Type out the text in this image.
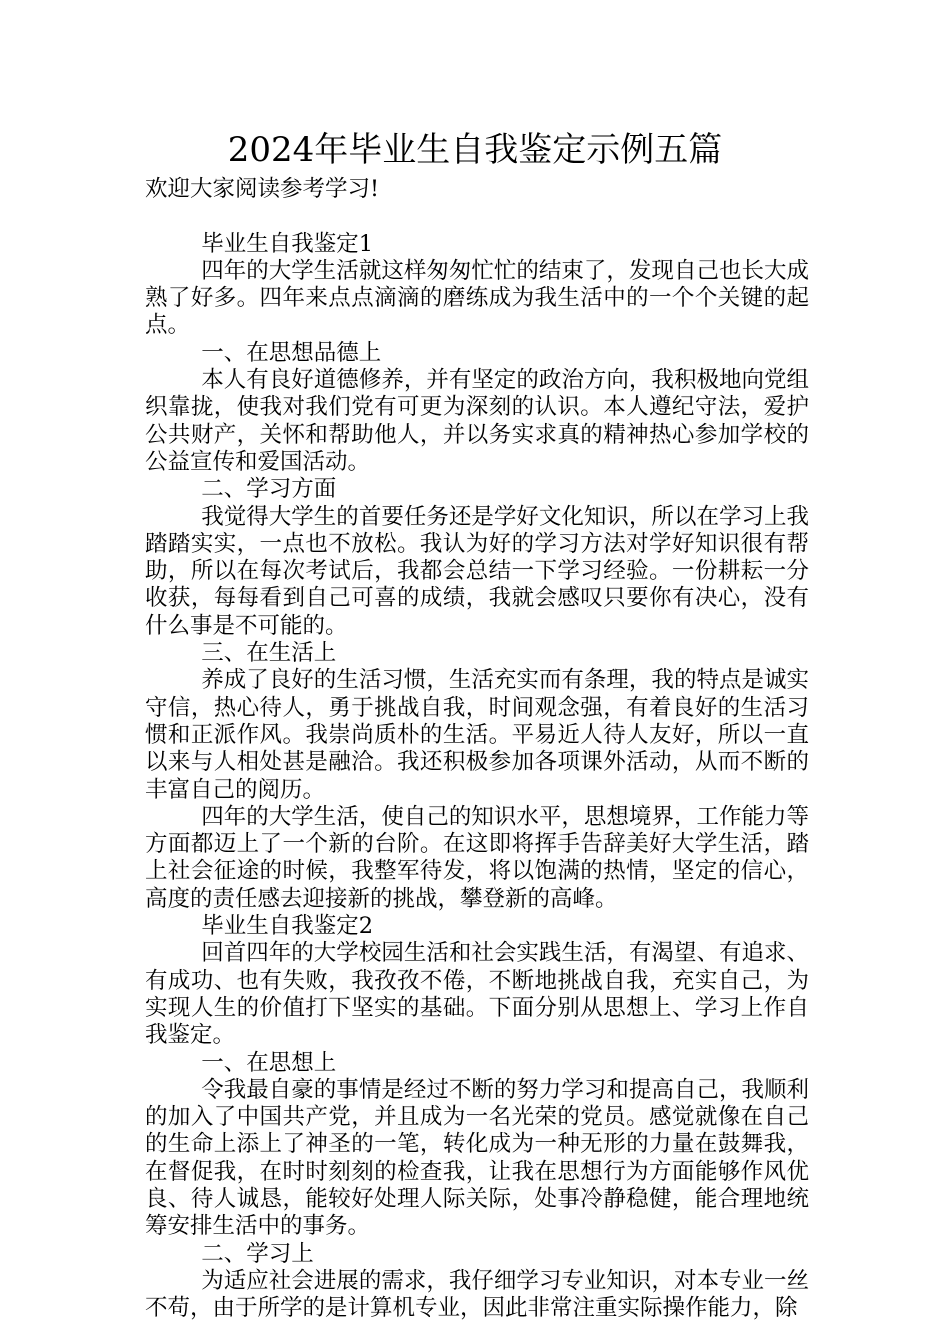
2024年毕业生自我鉴定示例五篇

欢迎大家阅读参考学习!

毕业生自我鉴定1

四年的大学生活就这样匆匆忙忙的结束了，发现自己也长大成熟了好多。四年来点点滴滴的磨练成为我生活中的一个个关键的起点。

一、在思想品德上

本人有良好道德修养，并有坚定的政治方向，我积极地向党组织靠拢，使我对我们党有可更为深刻的认识。本人遵纪守法，爱护公共财产，关怀和帮助他人，并以务实求真的精神热心参加学校的公益宣传和爱国活动。

二、学习方面

我觉得大学生的首要任务还是学好文化知识，所以在学习上我踏踏实实，一点也不放松。我认为好的学习方法对学好知识很有帮助，所以在每次考试后，我都会总结一下学习经验。一份耕耘一分收获，每每看到自己可喜的成绩，我就会感叹只要你有决心，没有什么事是不可能的。

三、在生活上

养成了良好的生活习惯，生活充实而有条理，我的特点是诚实守信，热心待人，勇于挑战自我，时间观念强，有着良好的生活习惯和正派作风。我崇尚质朴的生活。平易近人待人友好，所以一直以来与人相处甚是融洽。我还积极参加各项课外活动，从而不断的丰富自己的阅历。

四年的大学生活，使自己的知识水平，思想境界，工作能力等方面都迈上了一个新的台阶。在这即将挥手告辞美好大学生活，踏上社会征途的时候，我整军待发，将以饱满的热情，坚定的信心，高度的责任感去迎接新的挑战，攀登新的高峰。

毕业生自我鉴定2

回首四年的大学校园生活和社会实践生活，有渴望、有追求、有成功、也有失败，我孜孜不倦，不断地挑战自我，充实自己，为实现人生的价值打下坚实的基础。下面分别从思想上、学习上作自我鉴定。

一、在思想上

令我最自豪的事情是经过不断的努力学习和提高自己，我顺利的加入了中国共产党，并且成为一名光荣的党员。感觉就像在自己的生命上添上了神圣的一笔，转化成为一种无形的力量在鼓舞我，在督促我，在时时刻刻的检查我，让我在思想行为方面能够作风优良、待人诚恳，能较好处理人际关际，处事冷静稳健，能合理地统筹安排生活中的事务。

二、学习上

为适应社会进展的需求，我仔细学习专业知识，对本专业一丝不苟，由于所学的是计算机专业，因此非常注重实际操作能力，除
